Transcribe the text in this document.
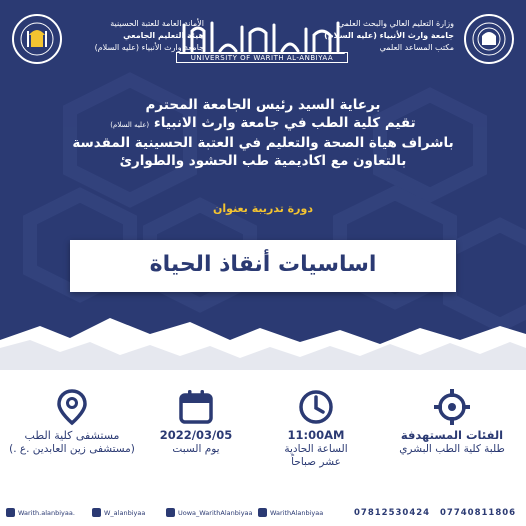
وزارة التعليم العالي والبحث العلمي
جامعة وارث الأنبياء (عليه السلام)
مكتب المساعد العلمي
الأمانة العامة للعتبة الحسينية
هيئة التعليم الجامعي
جامعة وارث الأنبياء (عليه السلام)
UNIVERSITY OF WARITH AL-ANBIYAA
برعاية السيد رئيس الجامعة المحترم
تقيم كلية الطب في جامعة وارث الانبياء (عليه السلام)
باشراف هياة الصحة والتعليم في العتبة الحسينية المقدسة
بالتعاون مع اكاديمية طب الحشود والطوارئ
دورة تدريبة بعنوان
اساسيات أنقاذ الحياة
الفئات المستهدفة
طلبة كلية الطب البشري
11:00AM
الساعة الحادية عشر صباحاً
2022/03/05
يوم السبت
مستشفى كلية الطب
(مستشفى زين العابدين .ع .)
Warith.alanbiyaa.	W_alanbiyaa	Uowa_WarithAlanbiyaa	WarithAlanbiyaa	07812530424 07740811806
